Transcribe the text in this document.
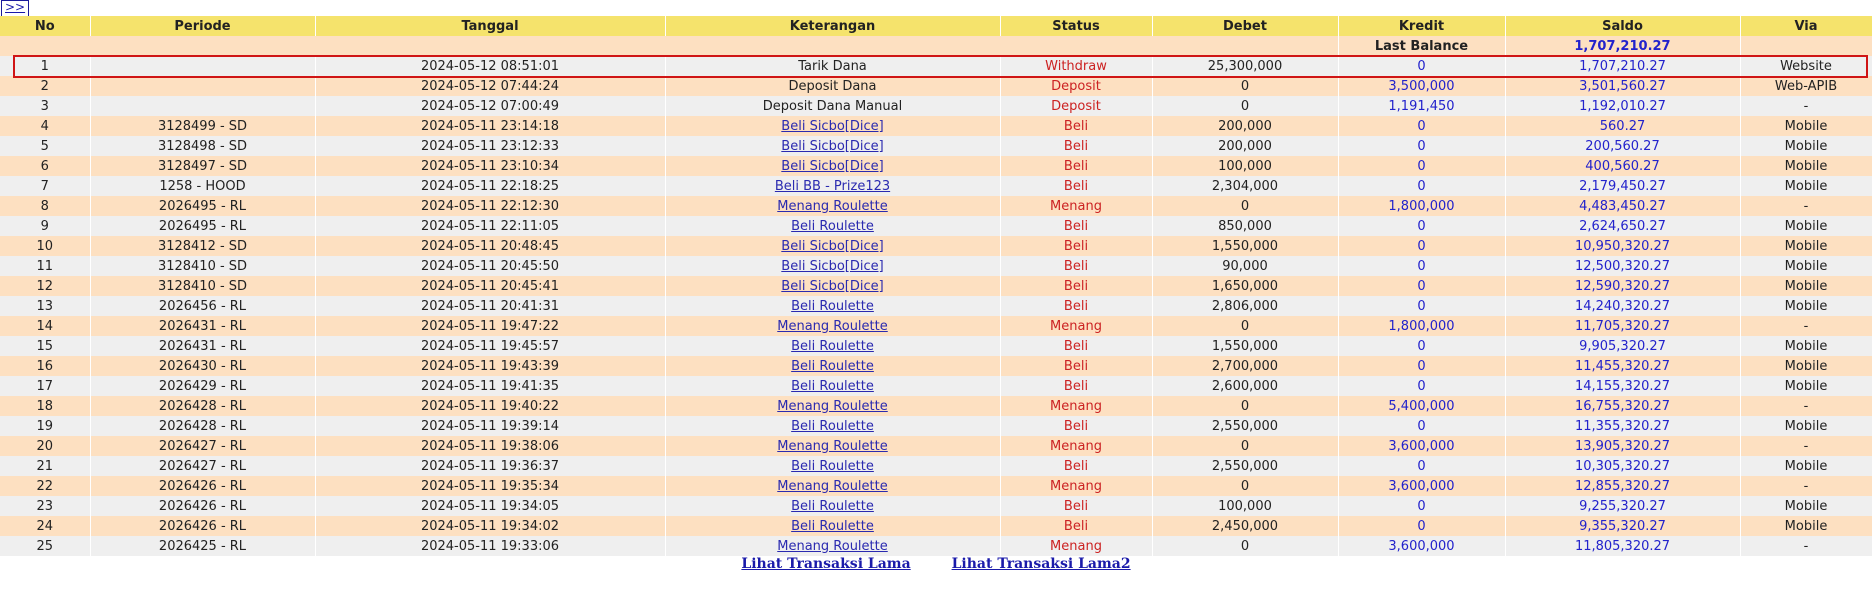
>>
No	Periode	Tanggal	Keterangan	Status	Debet	Kredit	Saldo	Via
						Last Balance	1,707,210.27	
1		2024-05-12 08:51:01	Tarik Dana	Withdraw	25,300,000	0	1,707,210.27	Website
2		2024-05-12 07:44:24	Deposit Dana	Deposit	0	3,500,000	3,501,560.27	Web-APIB
3		2024-05-12 07:00:49	Deposit Dana Manual	Deposit	0	1,191,450	1,192,010.27	-
4	3128499 - SD	2024-05-11 23:14:18	Beli Sicbo[Dice]	Beli	200,000	0	560.27	Mobile
5	3128498 - SD	2024-05-11 23:12:33	Beli Sicbo[Dice]	Beli	200,000	0	200,560.27	Mobile
6	3128497 - SD	2024-05-11 23:10:34	Beli Sicbo[Dice]	Beli	100,000	0	400,560.27	Mobile
7	1258 - HOOD	2024-05-11 22:18:25	Beli BB - Prize123	Beli	2,304,000	0	2,179,450.27	Mobile
8	2026495 - RL	2024-05-11 22:12:30	Menang Roulette	Menang	0	1,800,000	4,483,450.27	-
9	2026495 - RL	2024-05-11 22:11:05	Beli Roulette	Beli	850,000	0	2,624,650.27	Mobile
10	3128412 - SD	2024-05-11 20:48:45	Beli Sicbo[Dice]	Beli	1,550,000	0	10,950,320.27	Mobile
11	3128410 - SD	2024-05-11 20:45:50	Beli Sicbo[Dice]	Beli	90,000	0	12,500,320.27	Mobile
12	3128410 - SD	2024-05-11 20:45:41	Beli Sicbo[Dice]	Beli	1,650,000	0	12,590,320.27	Mobile
13	2026456 - RL	2024-05-11 20:41:31	Beli Roulette	Beli	2,806,000	0	14,240,320.27	Mobile
14	2026431 - RL	2024-05-11 19:47:22	Menang Roulette	Menang	0	1,800,000	11,705,320.27	-
15	2026431 - RL	2024-05-11 19:45:57	Beli Roulette	Beli	1,550,000	0	9,905,320.27	Mobile
16	2026430 - RL	2024-05-11 19:43:39	Beli Roulette	Beli	2,700,000	0	11,455,320.27	Mobile
17	2026429 - RL	2024-05-11 19:41:35	Beli Roulette	Beli	2,600,000	0	14,155,320.27	Mobile
18	2026428 - RL	2024-05-11 19:40:22	Menang Roulette	Menang	0	5,400,000	16,755,320.27	-
19	2026428 - RL	2024-05-11 19:39:14	Beli Roulette	Beli	2,550,000	0	11,355,320.27	Mobile
20	2026427 - RL	2024-05-11 19:38:06	Menang Roulette	Menang	0	3,600,000	13,905,320.27	-
21	2026427 - RL	2024-05-11 19:36:37	Beli Roulette	Beli	2,550,000	0	10,305,320.27	Mobile
22	2026426 - RL	2024-05-11 19:35:34	Menang Roulette	Menang	0	3,600,000	12,855,320.27	-
23	2026426 - RL	2024-05-11 19:34:05	Beli Roulette	Beli	100,000	0	9,255,320.27	Mobile
24	2026426 - RL	2024-05-11 19:34:02	Beli Roulette	Beli	2,450,000	0	9,355,320.27	Mobile
25	2026425 - RL	2024-05-11 19:33:06	Menang Roulette	Menang	0	3,600,000	11,805,320.27	-
Lihat Transaksi Lama	Lihat Transaksi Lama2
